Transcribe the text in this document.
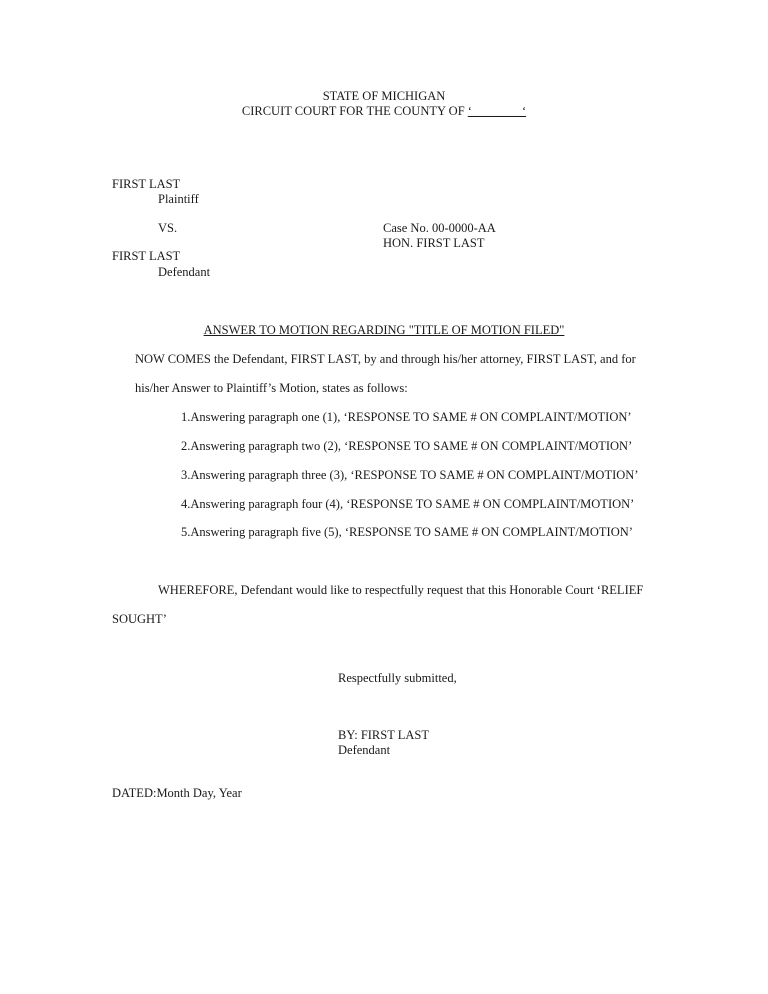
STATE OF MICHIGAN
CIRCUIT COURT FOR THE COUNTY OF ‘________‘
FIRST LAST
Plaintiff
VS.	Case No. 00-0000-AA
HON. FIRST LAST
FIRST LAST
Defendant
ANSWER TO MOTION REGARDING "TITLE OF MOTION FILED"
NOW COMES the Defendant, FIRST LAST, by and through his/her attorney, FIRST LAST, and for
his/her Answer to Plaintiff’s Motion, states as follows:
1.Answering paragraph one (1), ‘RESPONSE TO SAME # ON COMPLAINT/MOTION’
2.Answering paragraph two (2), ‘RESPONSE TO SAME # ON COMPLAINT/MOTION’
3.Answering paragraph three (3), ‘RESPONSE TO SAME # ON COMPLAINT/MOTION’
4.Answering paragraph four (4), ‘RESPONSE TO SAME # ON COMPLAINT/MOTION’
5.Answering paragraph five (5), ‘RESPONSE TO SAME # ON COMPLAINT/MOTION’
WHEREFORE, Defendant would like to respectfully request that this Honorable Court ‘RELIEF
SOUGHT’
Respectfully submitted,
BY: FIRST LAST
Defendant
DATED:Month Day, Year
